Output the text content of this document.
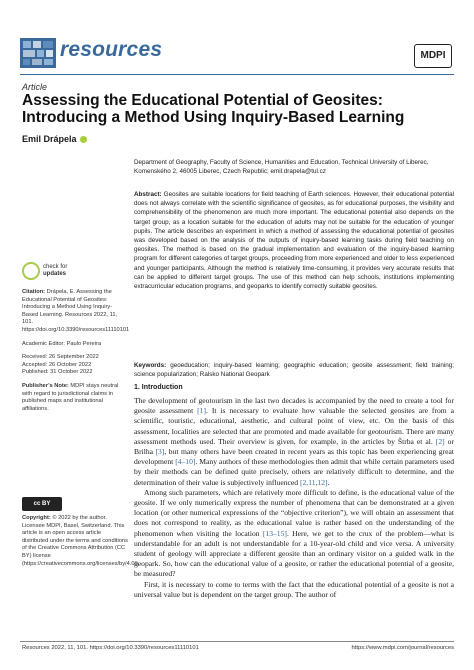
resources	MDPI
Article
Assessing the Educational Potential of Geosites: Introducing a Method Using Inquiry-Based Learning
Emil Drápela
Department of Geography, Faculty of Science, Humanities and Education, Technical University of Liberec,
Komenského 2, 46005 Liberec, Czech Republic; emil.drapela@tul.cz
Abstract: Geosites are suitable locations for field teaching of Earth sciences. However, their educational potential does not always correlate with the scientific significance of geosites, as for educational purposes, the visibility and comprehensibility of the phenomenon are much more important. The educational potential also depends on the target group, as a location suitable for the education of adults may not be suitable for the education of younger pupils. The article describes an experiment in which a method of assessing the educational potential of geosites was developed based on the analysis of the outputs of inquiry-based learning tasks during field teaching on geosites. The method is based on the gradual implementation and evaluation of the inquiry-based learning program for different categories of target groups, proceeding from more experienced and older to less experienced and younger participants. Although the method is relatively time-consuming, it provides very accurate results that can be applied to different target groups. The use of this method can help schools, institutions implementing extracurricular education programs, and geoparks to identify correctly suitable geosites.
Keywords: geoeducation; inquiry-based learning; geographic education; geosite assessment; field training; science popularization; Ralsko National Geopark
check for
updates
Citation: Drápela, E. Assessing the Educational Potential of Geosites: Introducing a Method Using Inquiry-Based Learning. Resources 2022, 11, 101. https://doi.org/10.3390/resources11110101
Academic Editor: Paulo Pereira
Received: 26 September 2022
Accepted: 26 October 2022
Published: 31 October 2022
Publisher’s Note: MDPI stays neutral with regard to jurisdictional claims in published maps and institutional affiliations.
cc BY
Copyright: © 2022 by the author. Licensee MDPI, Basel, Switzerland. This article is an open access article distributed under the terms and conditions of the Creative Commons Attribution (CC BY) license (https://creativecommons.org/licenses/by/4.0/).
1. Introduction

The development of geotourism in the last two decades is accompanied by the need to create a tool for geosite assessment [1]. It is necessary to evaluate how valuable the selected geosites are from a scientific, touristic, educational, aesthetic, and cultural point of view, etc. On the basis of this assessment, localities are selected that are promoted and made available for geotourism. There are many assessment methods used. Their overview is given, for example, in the articles by Štrba et al. [2] or Brilha [3], but many others have been created in recent years as this topic has been experiencing great development [4–10]. Many authors of these methodologies then admit that while certain parameters used by their methods can be defined quite precisely, others are relatively difficult to determine, and the determination of their value is subjectively influenced [2,11,12].

Among such parameters, which are relatively more difficult to define, is the educational value of the geosite. If we only numerically express the number of phenomena that can be demonstrated at a given location (or other numerical expressions of the “objective criterion”), we will obtain an assessment that does not correspond to reality, as the educational value is rather based on the understanding of the phenomenon when visiting the location [13–15]. Here, we get to the crux of the problem—what is understandable for an adult is not understandable for a 10-year-old child and vice versa. A university student of geology will appreciate a different geosite than an ordinary visitor on a guided walk in the geopark. So, how can the educational value of a geosite, or rather the educational potential of a geosite, be measured?

First, it is necessary to come to terms with the fact that the educational potential of a geosite is not a universal value but is dependent on the target group. The author of

Resources 2022, 11, 101. https://doi.org/10.3390/resources11110101	https://www.mdpi.com/journal/resources
